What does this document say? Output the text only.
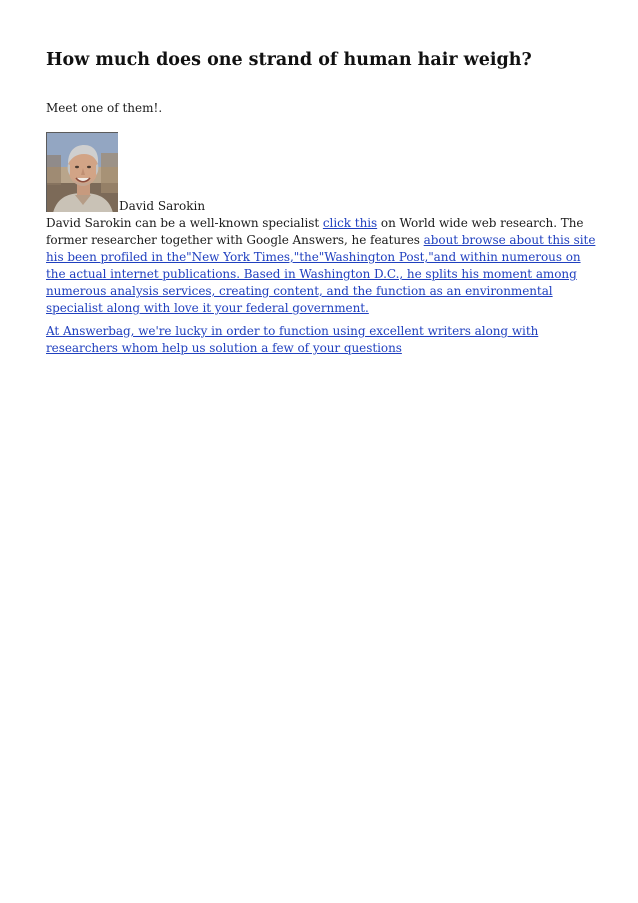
How much does one strand of human hair weigh?

Meet one of them!.

David Sarokin

David Sarokin can be a well-known specialist click this on World wide web research. The former researcher together with Google Answers, he features about browse about this site his been profiled in the"New York Times,"the"Washington Post,"and within numerous on the actual internet publications. Based in Washington D.C., he splits his moment among numerous analysis services, creating content, and the function as an environmental specialist along with love it your federal government.

At Answerbag, we're lucky in order to function using excellent writers along with researchers whom help us solution a few of your questions
